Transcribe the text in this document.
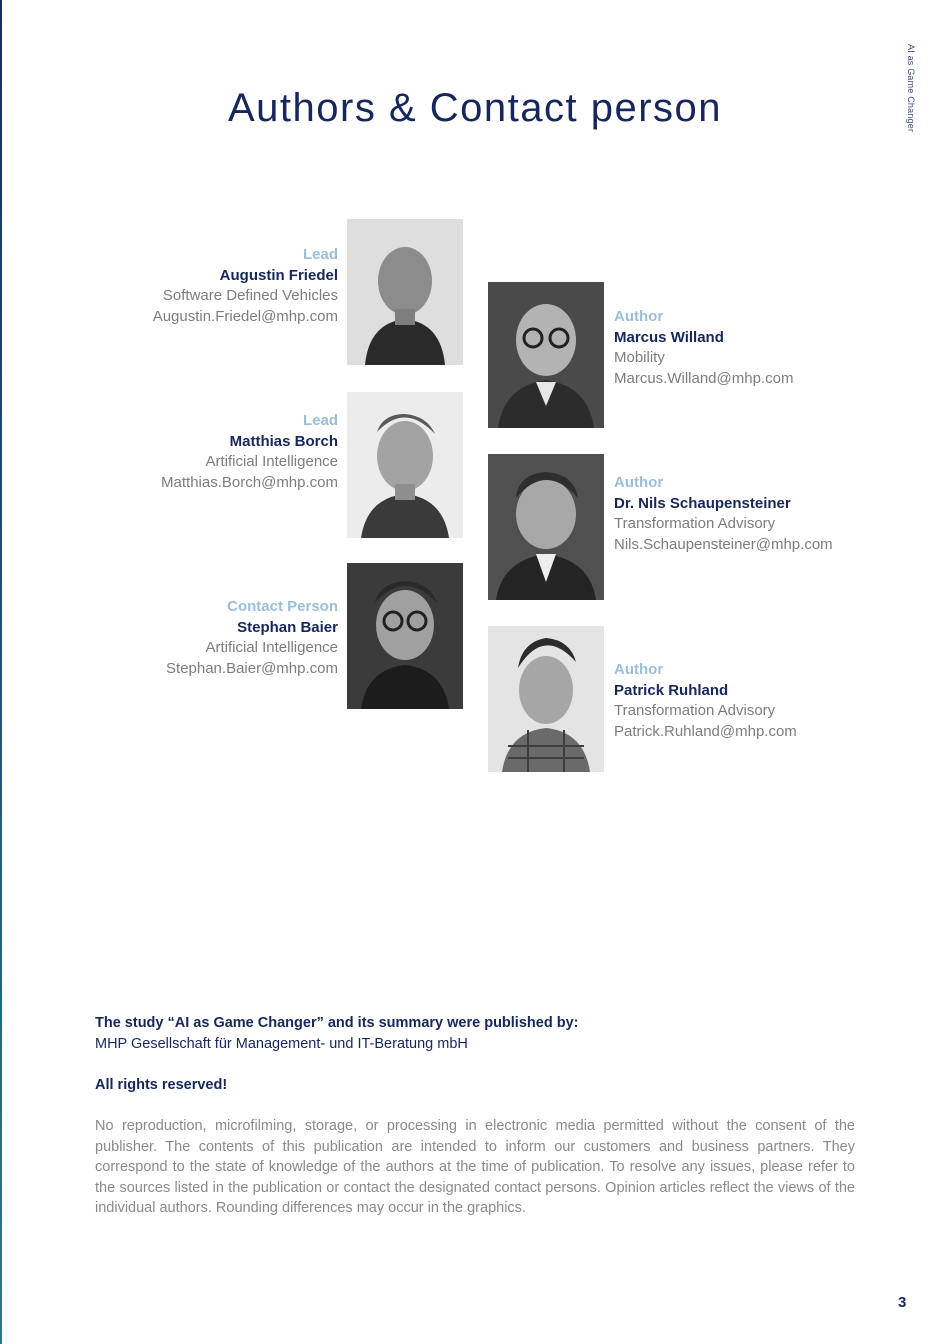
AI as Game Changer
Authors & Contact person
Lead
Augustin Friedel
Software Defined Vehicles
Augustin.Friedel@mhp.com
Lead
Matthias Borch
Artificial Intelligence
Matthias.Borch@mhp.com
Contact Person
Stephan Baier
Artificial Intelligence
Stephan.Baier@mhp.com
Author
Marcus Willand
Mobility
Marcus.Willand@mhp.com
Author
Dr. Nils Schaupensteiner
Transformation Advisory
Nils.Schaupensteiner@mhp.com
Author
Patrick Ruhland
Transformation Advisory
Patrick.Ruhland@mhp.com
The study “AI as Game Changer” and its summary were published by:
MHP Gesellschaft für Management- und IT-Beratung mbH
All rights reserved!
No reproduction, microfilming, storage, or processing in electronic media permitted without the consent of the publisher. The contents of this publication are intended to inform our customers and business partners. They correspond to the state of knowledge of the authors at the time of publication. To resolve any issues, please refer to the sources listed in the publication or contact the designated contact persons. Opinion articles reflect the views of the individual authors. Rounding differences may occur in the graphics.
3
